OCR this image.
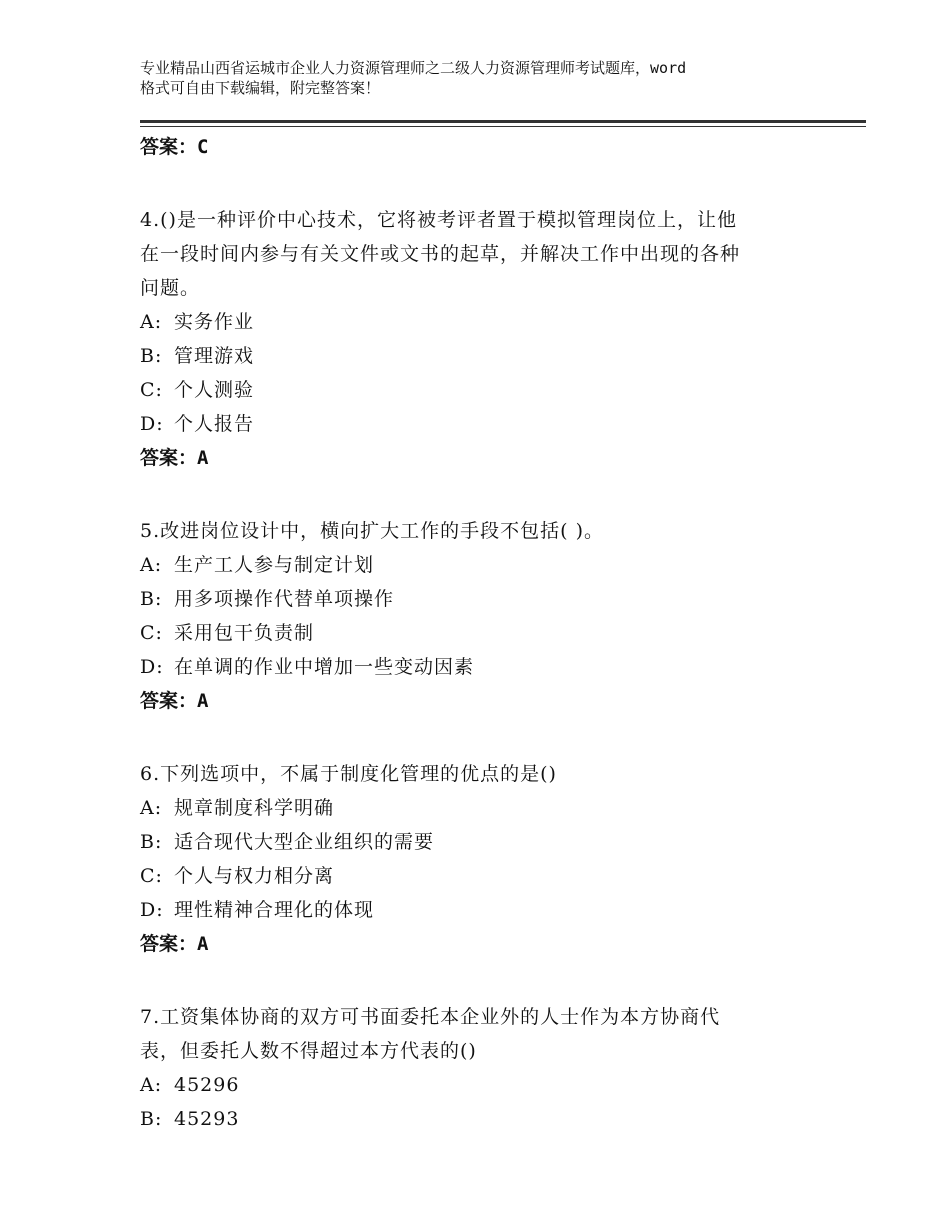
专业精品山西省运城市企业人力资源管理师之二级人力资源管理师考试题库，word
格式可自由下载编辑，附完整答案！

答案：C

4.()是一种评价中心技术，它将被考评者置于模拟管理岗位上，让他

在一段时间内参与有关文件或文书的起草，并解决工作中出现的各种

问题。

A: 实务作业

B: 管理游戏

C: 个人测验

D: 个人报告

答案：A

5.改进岗位设计中，横向扩大工作的手段不包括( )。

A: 生产工人参与制定计划

B: 用多项操作代替单项操作

C: 采用包干负责制

D: 在单调的作业中增加一些变动因素

答案：A

6.下列选项中，不属于制度化管理的优点的是()

A: 规章制度科学明确

B: 适合现代大型企业组织的需要

C: 个人与权力相分离

D: 理性精神合理化的体现

答案：A

7.工资集体协商的双方可书面委托本企业外的人士作为本方协商代

表，但委托人数不得超过本方代表的()

A: 45296

B: 45293
